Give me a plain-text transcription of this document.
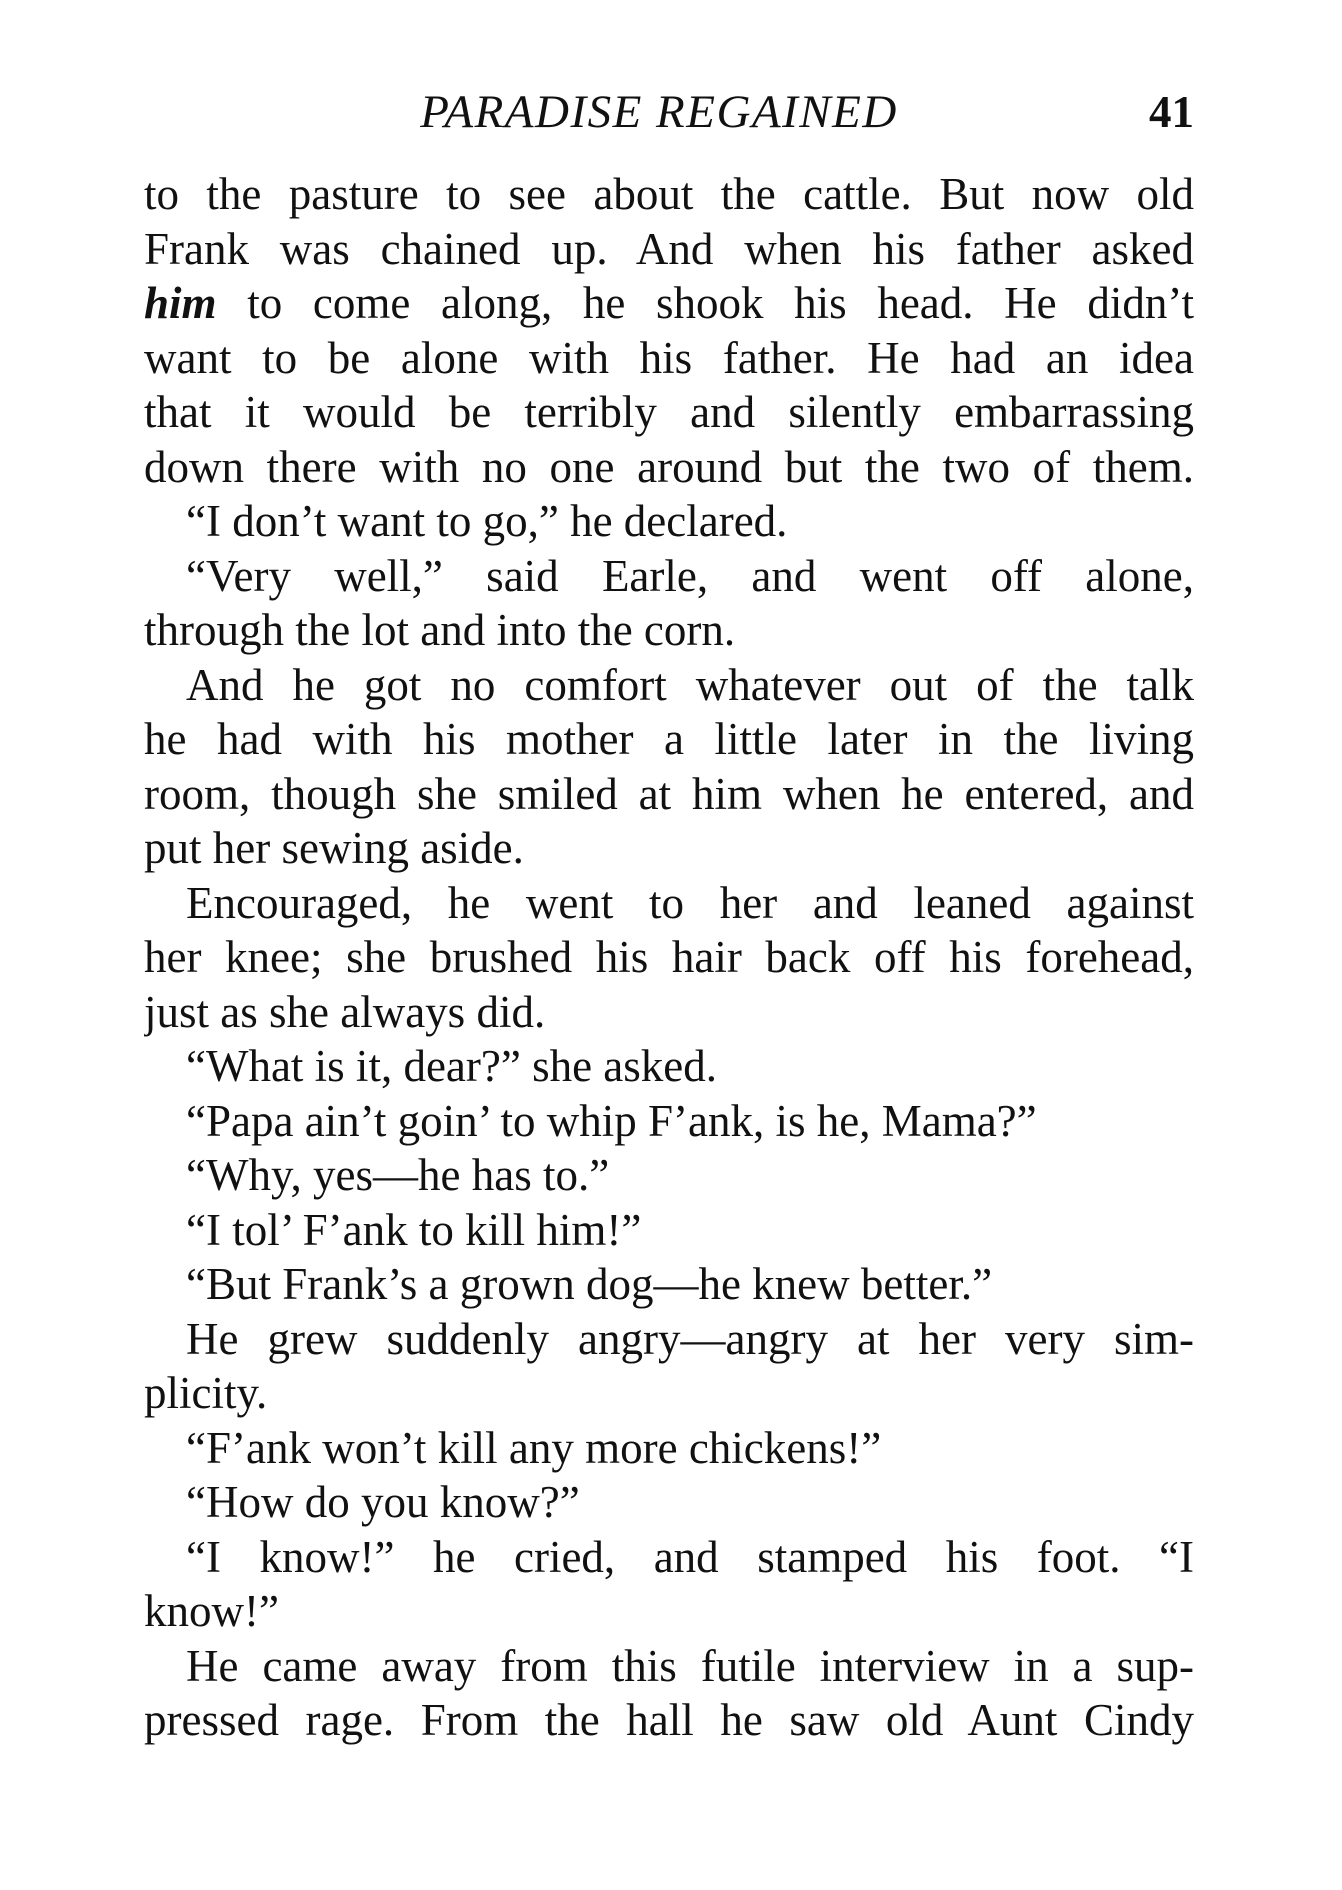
PARADISE REGAINED	41
to the pasture to see about the cattle. But now old
Frank was chained up. And when his father asked
him to come along, he shook his head. He didn’t
want to be alone with his father. He had an idea
that it would be terribly and silently embarrassing
down there with no one around but the two of them.
“I don’t want to go,” he declared.
“Very well,” said Earle, and went off alone,
through the lot and into the corn.
And he got no comfort whatever out of the talk
he had with his mother a little later in the living
room, though she smiled at him when he entered, and
put her sewing aside.
Encouraged, he went to her and leaned against
her knee; she brushed his hair back off his forehead,
just as she always did.
“What is it, dear?” she asked.
“Papa ain’t goin’ to whip F’ank, is he, Mama?”
“Why, yes—he has to.”
“I tol’ F’ank to kill him!”
“But Frank’s a grown dog—he knew better.”
He grew suddenly angry—angry at her very sim-
plicity.
“F’ank won’t kill any more chickens!”
“How do you know?”
“I know!” he cried, and stamped his foot. “I
know!”
He came away from this futile interview in a sup-
pressed rage. From the hall he saw old Aunt Cindy
